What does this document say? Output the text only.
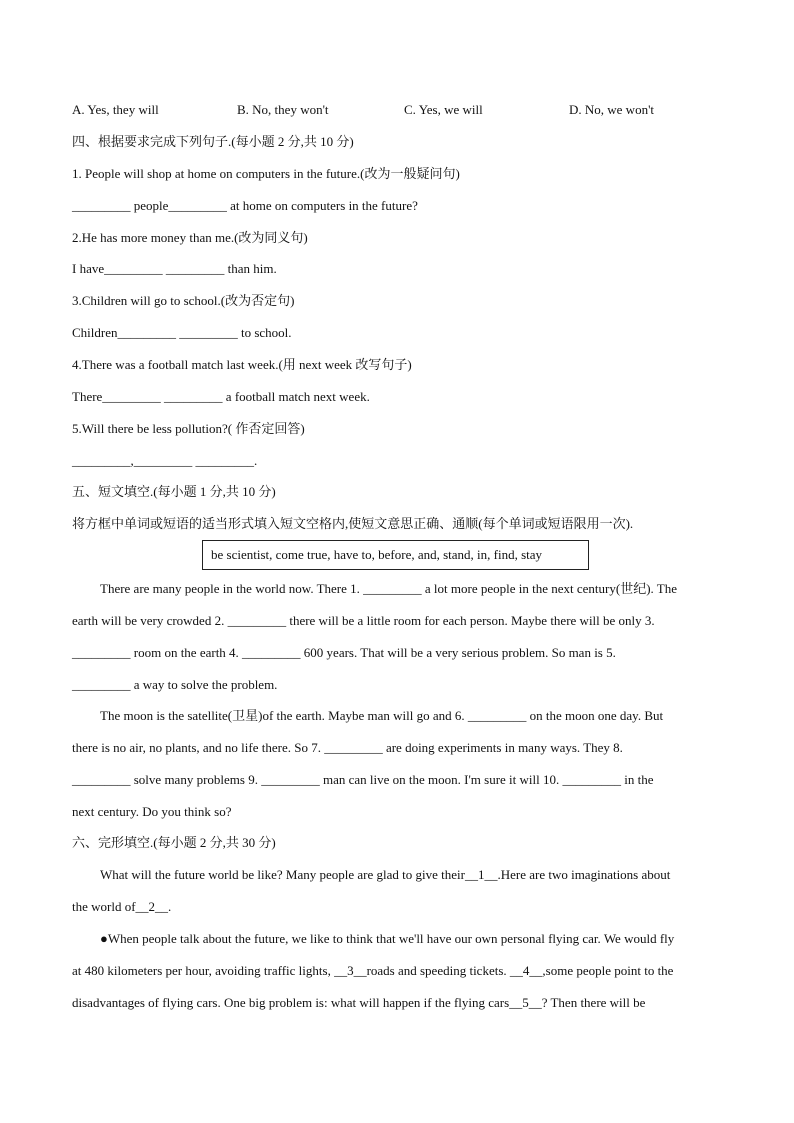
A. Yes, they will	B. No, they won't	C. Yes, we will	D. No, we won't
四、根据要求完成下列句子.(每小题 2 分,共 10 分)
1. People will shop at home on computers in the future.(改为一般疑问句)
_________ people_________ at home on computers in the future?
2.He has more money than me.(改为同义句)
I have_________ _________ than him.
3.Children will go to school.(改为否定句)
Children_________ _________ to school.
4.There was a football match last week.(用 next week 改写句子)
There_________ _________ a football match next week.
5.Will there be less pollution?( 作否定回答)
_________,_________ _________.
五、短文填空.(每小题 1 分,共 10 分)
将方框中单词或短语的适当形式填入短文空格内,使短文意思正确、通顺(每个单词或短语限用一次).
be scientist, come true, have to, before, and, stand, in, find, stay
There are many people in the world now. There 1. _________ a lot more people in the next century(世纪). The
earth will be very crowded 2. _________ there will be a little room for each person. Maybe there will be only 3.
_________ room on the earth 4. _________ 600 years. That will be a very serious problem. So man is 5.
_________ a way to solve the problem.
The moon is the satellite(卫星)of the earth. Maybe man will go and 6. _________ on the moon one day. But
there is no air, no plants, and no life there. So 7. _________ are doing experiments in many ways. They 8.
_________ solve many problems 9. _________ man can live on the moon. I'm sure it will 10. _________ in the
next century. Do you think so?
六、完形填空.(每小题 2 分,共 30 分)
What will the future world be like? Many people are glad to give their__1__.Here are two imaginations about
the world of__2__.
●When people talk about the future, we like to think that we'll have our own personal flying car. We would fly
at 480 kilometers per hour, avoiding traffic lights, __3__roads and speeding tickets. __4__,some people point to the
disadvantages of flying cars. One big problem is: what will happen if the flying cars__5__? Then there will be
